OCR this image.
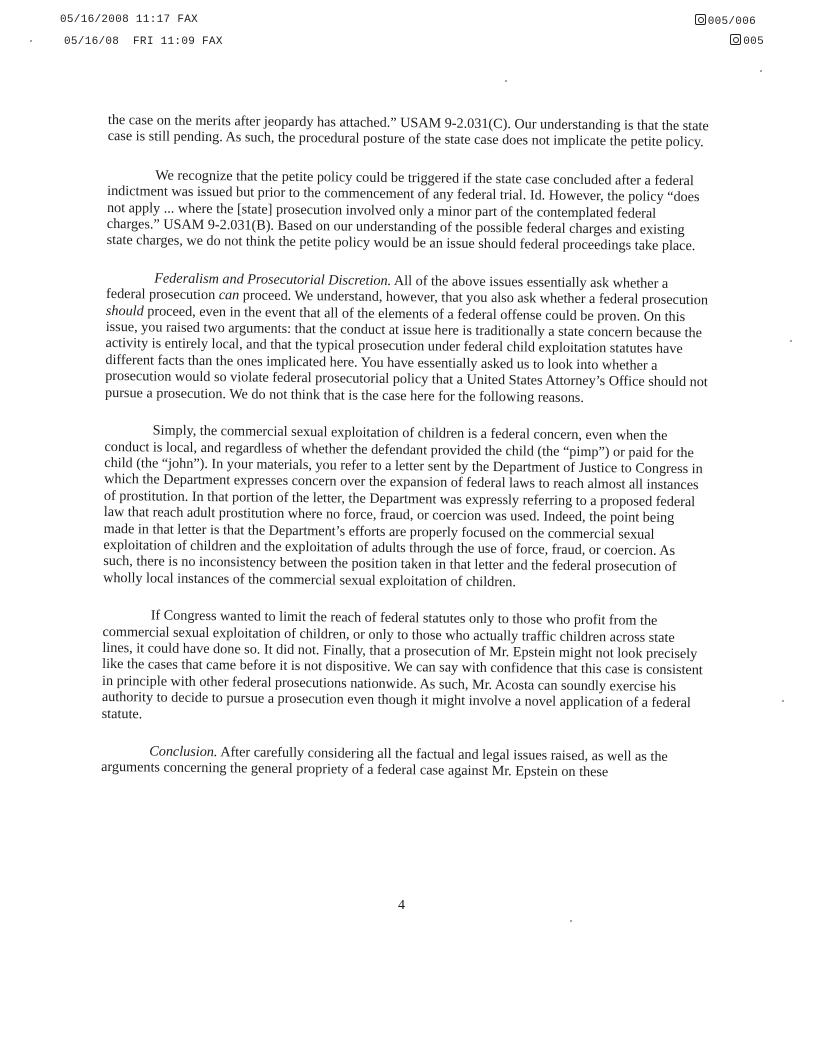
05/16/2008 11:17 FAX
05/16/08  FRI 11:09 FAX
005/006
005

the case on the merits after jeopardy has attached.” USAM 9-2.031(C). Our understanding is that the state case is still pending. As such, the procedural posture of the state case does not implicate the petite policy.

We recognize that the petite policy could be triggered if the state case concluded after a federal indictment was issued but prior to the commencement of any federal trial. Id. However, the policy “does not apply ... where the [state] prosecution involved only a minor part of the contemplated federal charges.” USAM 9-2.031(B). Based on our understanding of the possible federal charges and existing state charges, we do not think the petite policy would be an issue should federal proceedings take place.

Federalism and Prosecutorial Discretion. All of the above issues essentially ask whether a federal prosecution can proceed. We understand, however, that you also ask whether a federal prosecution should proceed, even in the event that all of the elements of a federal offense could be proven. On this issue, you raised two arguments: that the conduct at issue here is traditionally a state concern because the activity is entirely local, and that the typical prosecution under federal child exploitation statutes have different facts than the ones implicated here. You have essentially asked us to look into whether a prosecution would so violate federal prosecutorial policy that a United States Attorney’s Office should not pursue a prosecution. We do not think that is the case here for the following reasons.

Simply, the commercial sexual exploitation of children is a federal concern, even when the conduct is local, and regardless of whether the defendant provided the child (the “pimp”) or paid for the child (the “john”). In your materials, you refer to a letter sent by the Department of Justice to Congress in which the Department expresses concern over the expansion of federal laws to reach almost all instances of prostitution. In that portion of the letter, the Department was expressly referring to a proposed federal law that reach adult prostitution where no force, fraud, or coercion was used. Indeed, the point being made in that letter is that the Department’s efforts are properly focused on the commercial sexual exploitation of children and the exploitation of adults through the use of force, fraud, or coercion. As such, there is no inconsistency between the position taken in that letter and the federal prosecution of wholly local instances of the commercial sexual exploitation of children.

If Congress wanted to limit the reach of federal statutes only to those who profit from the commercial sexual exploitation of children, or only to those who actually traffic children across state lines, it could have done so. It did not. Finally, that a prosecution of Mr. Epstein might not look precisely like the cases that came before it is not dispositive. We can say with confidence that this case is consistent in principle with other federal prosecutions nationwide. As such, Mr. Acosta can soundly exercise his authority to decide to pursue a prosecution even though it might involve a novel application of a federal statute.

Conclusion. After carefully considering all the factual and legal issues raised, as well as the arguments concerning the general propriety of a federal case against Mr. Epstein on these

4
